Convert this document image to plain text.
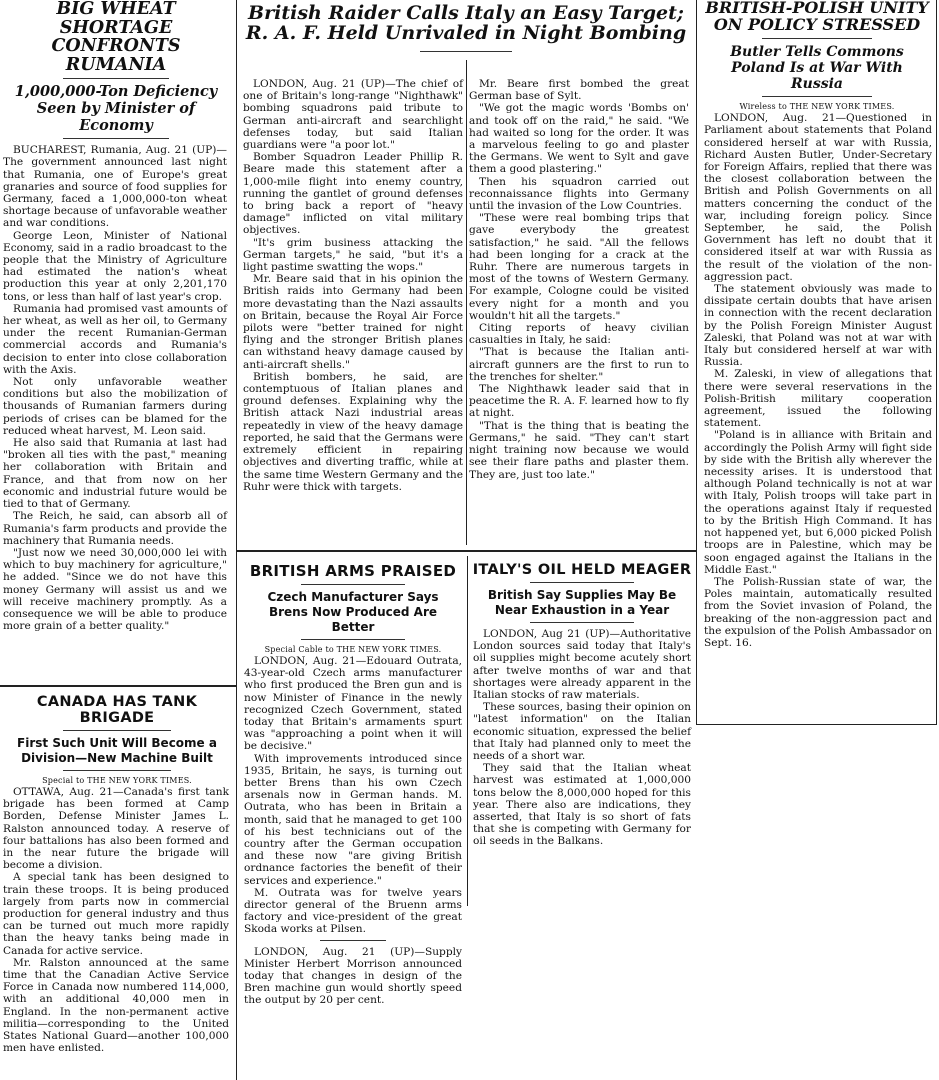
BIG WHEAT SHORTAGE CONFRONTS RUMANIA
1,000,000-Ton Deficiency Seen by Minister of Economy

BUCHAREST, Rumania, Aug. 21 (UP)—The government announced last night that Rumania, one of Europe's great granaries and source of food supplies for Germany, faced a 1,000,000-ton wheat shortage because of unfavorable weather and war conditions.

George Leon, Minister of National Economy, said in a radio broadcast to the people that the Ministry of Agriculture had estimated the nation's wheat production this year at only 2,201,170 tons, or less than half of last year's crop.

Rumania had promised vast amounts of her wheat, as well as her oil, to Germany under the recent Rumanian-German commercial accords and Rumania's decision to enter into close collaboration with the Axis.

Not only unfavorable weather conditions but also the mobilization of thousands of Rumanian farmers during periods of crises can be blamed for the reduced wheat harvest, M. Leon said.

He also said that Rumania at last had "broken all ties with the past," meaning her collaboration with Britain and France, and that from now on her economic and industrial future would be tied to that of Germany.

The Reich, he said, can absorb all of Rumania's farm products and provide the machinery that Rumania needs.

"Just now we need 30,000,000 lei with which to buy machinery for agriculture," he added. "Since we do not have this money Germany will assist us and we will receive machinery promptly. As a consequence we will be able to produce more grain of a better quality."

CANADA HAS TANK BRIGADE
First Such Unit Will Become a Division—New Machine Built
Special to THE NEW YORK TIMES.

OTTAWA, Aug. 21—Canada's first tank brigade has been formed at Camp Borden, Defense Minister James L. Ralston announced today. A reserve of four battalions has also been formed and in the near future the brigade will become a division.

A special tank has been designed to train these troops. It is being produced largely from parts now in commercial production for general industry and thus can be turned out much more rapidly than the heavy tanks being made in Canada for active service.

Mr. Ralston announced at the same time that the Canadian Active Service Force in Canada now numbered 114,000, with an additional 40,000 men in England. In the non-permanent active militia—corresponding to the United States National Guard—another 100,000 men have enlisted.

British Raider Calls Italy an Easy Target;
R. A. F. Held Unrivaled in Night Bombing

LONDON, Aug. 21 (UP)—The chief of one of Britain's long-range "Nighthawk" bombing squadrons paid tribute to German anti-aircraft and searchlight defenses today, but said Italian guardians were "a poor lot."

Bomber Squadron Leader Phillip R. Beare made this statement after a 1,000-mile flight into enemy country, running the gantlet of ground defenses to bring back a report of "heavy damage" inflicted on vital military objectives.

"It's grim business attacking the German targets," he said, "but it's a light pastime swatting the wops."

Mr. Beare said that in his opinion the British raids into Germany had been more devastating than the Nazi assaults on Britain, because the Royal Air Force pilots were "better trained for night flying and the stronger British planes can withstand heavy damage caused by anti-aircraft shells."

British bombers, he said, are contemptuous of Italian planes and ground defenses. Explaining why the British attack Nazi industrial areas repeatedly in view of the heavy damage reported, he said that the Germans were extremely efficient in repairing objectives and diverting traffic, while at the same time Western Germany and the Ruhr were thick with targets.

Mr. Beare first bombed the great German base of Sylt.

"We got the magic words 'Bombs on' and took off on the raid," he said. "We had waited so long for the order. It was a marvelous feeling to go and plaster the Germans. We went to Sylt and gave them a good plastering."

Then his squadron carried out reconnaissance flights into Germany until the invasion of the Low Countries.

"These were real bombing trips that gave everybody the greatest satisfaction," he said. "All the fellows had been longing for a crack at the Ruhr. There are numerous targets in most of the towns of Western Germany. For example, Cologne could be visited every night for a month and you wouldn't hit all the targets."

Citing reports of heavy civilian casualties in Italy, he said:

"That is because the Italian anti-aircraft gunners are the first to run to the trenches for shelter."

The Nighthawk leader said that in peacetime the R. A. F. learned how to fly at night.

"That is the thing that is beating the Germans," he said. "They can't start night training now because we would see their flare paths and plaster them. They are, just too late."

BRITISH ARMS PRAISED
Czech Manufacturer Says Brens Now Produced Are Better
Special Cable to THE NEW YORK TIMES.

LONDON, Aug. 21—Edouard Outrata, 43-year-old Czech arms manufacturer who first produced the Bren gun and is now Minister of Finance in the newly recognized Czech Government, stated today that Britain's armaments spurt was "approaching a point when it will be decisive."

With improvements introduced since 1935, Britain, he says, is turning out better Brens than his own Czech arsenals now in German hands. M. Outrata, who has been in Britain a month, said that he managed to get 100 of his best technicians out of the country after the German occupation and these now "are giving British ordnance factories the benefit of their services and experience."

M. Outrata was for twelve years director general of the Bruenn arms factory and vice-president of the great Skoda works at Pilsen.

LONDON, Aug. 21 (UP)—Supply Minister Herbert Morrison announced today that changes in design of the Bren machine gun would shortly speed the output by 20 per cent.

ITALY'S OIL HELD MEAGER
British Say Supplies May Be Near Exhaustion in a Year

LONDON, Aug 21 (UP)—Authoritative London sources said today that Italy's oil supplies might become acutely short after twelve months of war and that shortages were already apparent in the Italian stocks of raw materials.

These sources, basing their opinion on "latest information" on the Italian economic situation, expressed the belief that Italy had planned only to meet the needs of a short war.

They said that the Italian wheat harvest was estimated at 1,000,000 tons below the 8,000,000 hoped for this year. There also are indications, they asserted, that Italy is so short of fats that she is competing with Germany for oil seeds in the Balkans.

BRITISH-POLISH UNITY ON POLICY STRESSED
Butler Tells Commons Poland Is at War With Russia
Wireless to THE NEW YORK TIMES.

LONDON, Aug. 21—Questioned in Parliament about statements that Poland considered herself at war with Russia, Richard Austen Butler, Under-Secretary for Foreign Affairs, replied that there was the closest collaboration between the British and Polish Governments on all matters concerning the conduct of the war, including foreign policy. Since September, he said, the Polish Government has left no doubt that it considered itself at war with Russia as the result of the violation of the non-aggression pact.

The statement obviously was made to dissipate certain doubts that have arisen in connection with the recent declaration by the Polish Foreign Minister August Zaleski, that Poland was not at war with Italy but considered herself at war with Russia.

M. Zaleski, in view of allegations that there were several reservations in the Polish-British military cooperation agreement, issued the following statement.

"Poland is in alliance with Britain and accordingly the Polish Army will fight side by side with the British ally wherever the necessity arises. It is understood that although Poland technically is not at war with Italy, Polish troops will take part in the operations against Italy if requested to by the British High Command. It has not happened yet, but 6,000 picked Polish troops are in Palestine, which may be soon engaged against the Italians in the Middle East."

The Polish-Russian state of war, the Poles maintain, automatically resulted from the Soviet invasion of Poland, the breaking of the non-aggression pact and the expulsion of the Polish Ambassador on Sept. 16.
